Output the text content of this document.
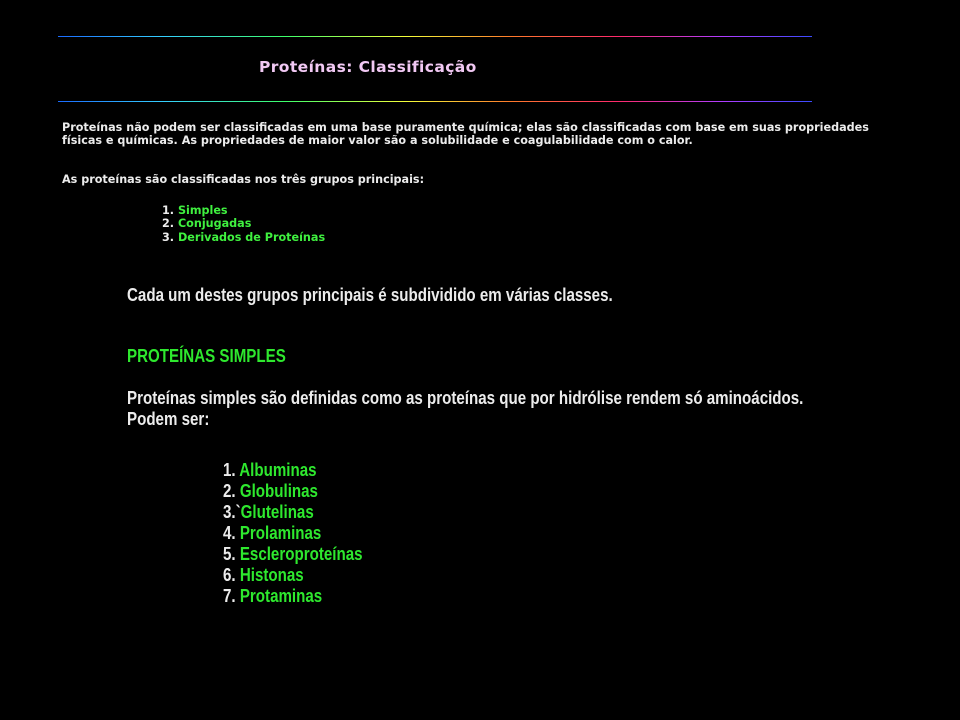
Proteínas: Classificação

Proteínas não podem ser classificadas em uma base puramente química; elas são classificadas com base em suas propriedades físicas e químicas. As propriedades de maior valor são a solubilidade e coagulabilidade com o calor.

As proteínas são classificadas nos três grupos principais:

1. Simples
2. Conjugadas
3. Derivados de Proteínas

Cada um destes grupos principais é subdividido em várias classes.

PROTEÍNAS SIMPLES

Proteínas simples são definidas como as proteínas que por hidrólise rendem só aminoácidos.
Podem ser:

1. Albuminas
2. Globulinas
3.`Glutelinas
4. Prolaminas
5. Escleroproteínas
6. Histonas
7. Protaminas
